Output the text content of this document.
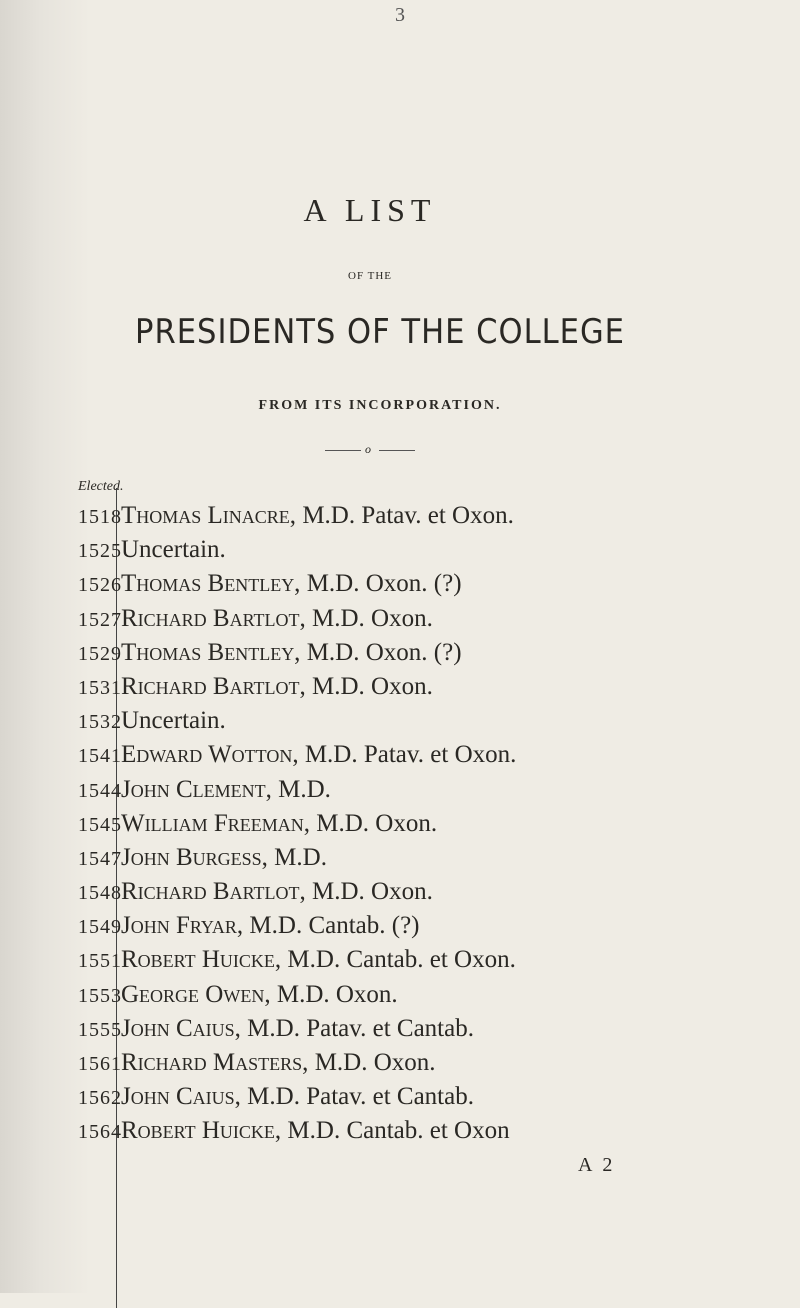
3
A LIST
OF THE
PRESIDENTS OF THE COLLEGE
FROM ITS INCORPORATION.
o
Elected.
1518 Thomas Linacre, M.D. Patav. et Oxon.
1525 Uncertain.
1526 Thomas Bentley, M.D. Oxon. (?)
1527 Richard Bartlot, M.D. Oxon.
1529 Thomas Bentley, M.D. Oxon. (?)
1531 Richard Bartlot, M.D. Oxon.
1532 Uncertain.
1541 Edward Wotton, M.D. Patav. et Oxon.
1544 John Clement, M.D.
1545 William Freeman, M.D. Oxon.
1547 John Burgess, M.D.
1548 Richard Bartlot, M.D. Oxon.
1549 John Fryar, M.D. Cantab. (?)
1551 Robert Huicke, M.D. Cantab. et Oxon.
1553 George Owen, M.D. Oxon.
1555 John Caius, M.D. Patav. et Cantab.
1561 Richard Masters, M.D. Oxon.
1562 John Caius, M.D. Patav. et Cantab.
1564 Robert Huicke, M.D. Cantab. et Oxon
A 2
